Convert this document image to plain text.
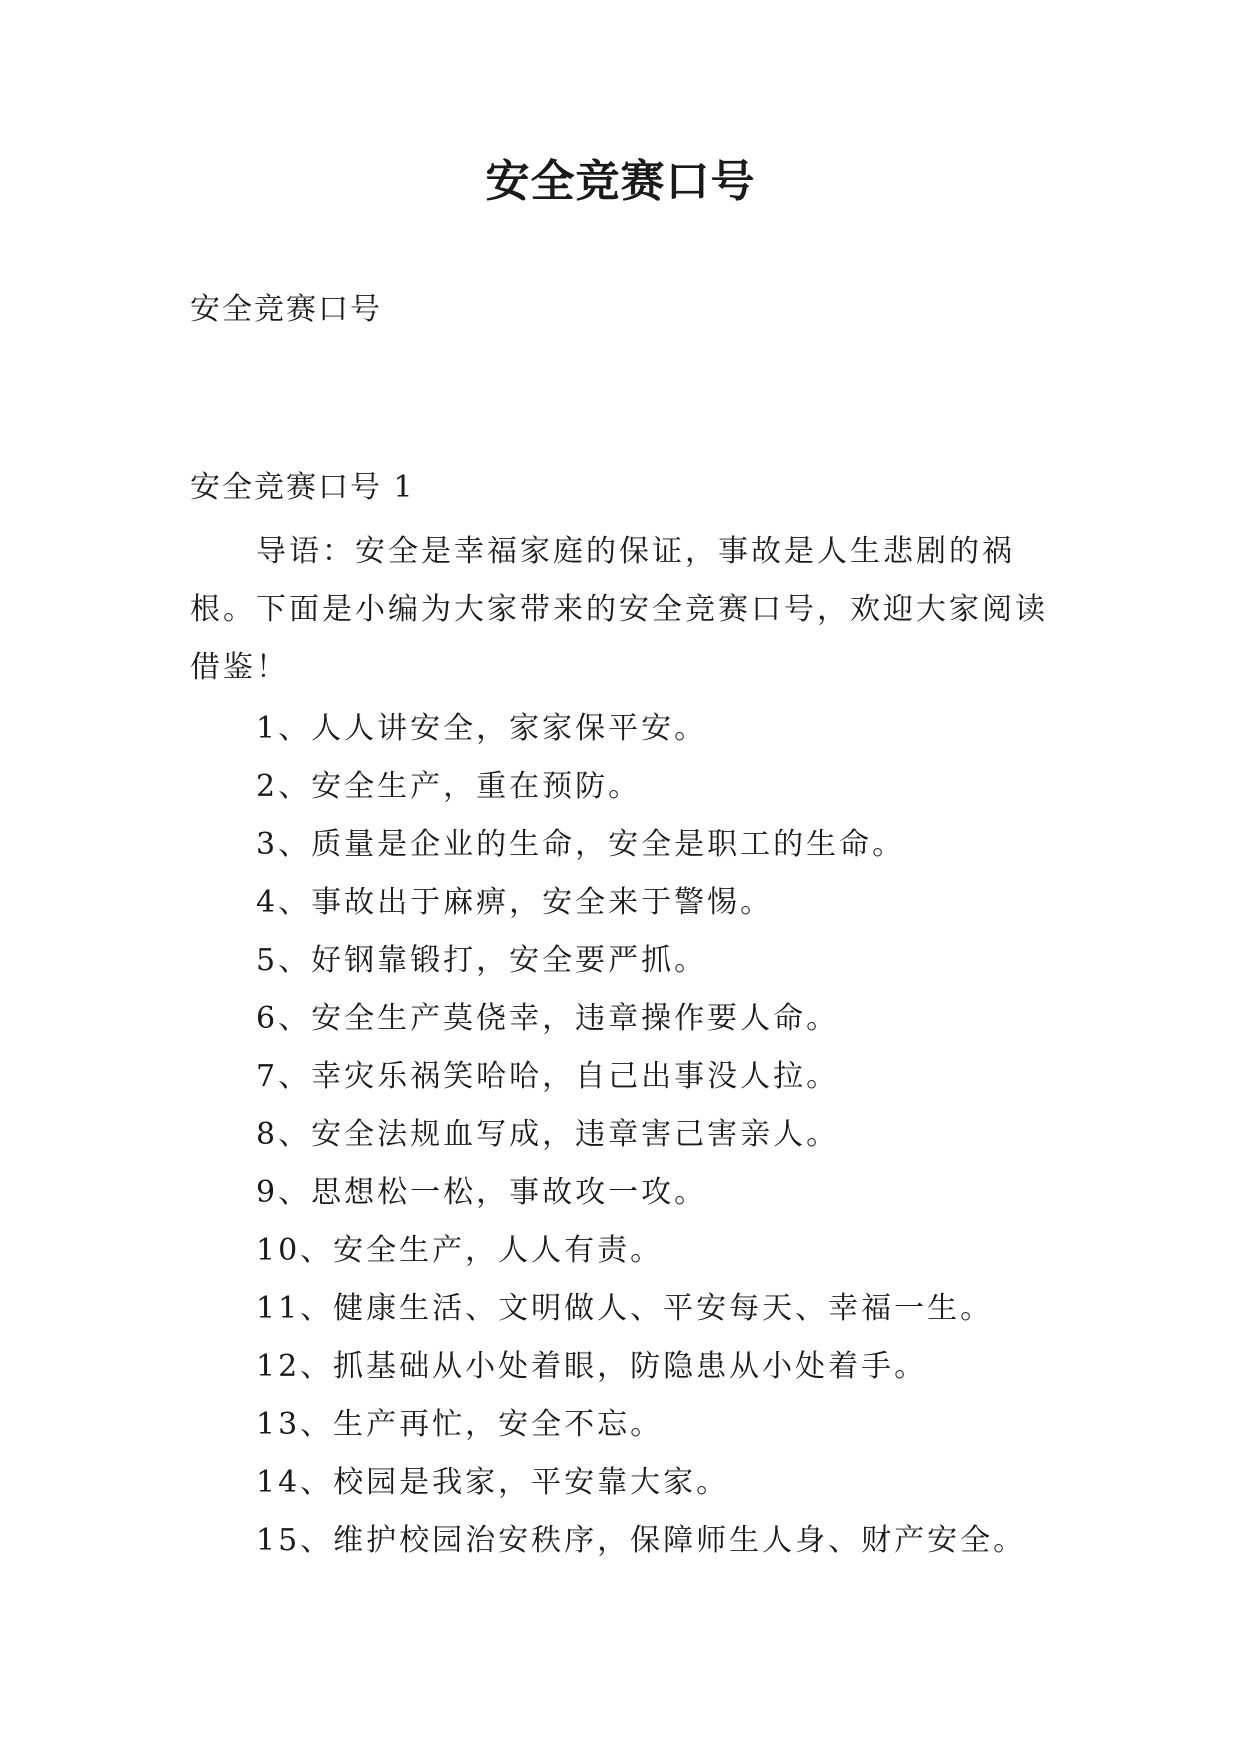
安全竞赛口号

安全竞赛口号

安全竞赛口号 1

导语：安全是幸福家庭的保证，事故是人生悲剧的祸根。下面是小编为大家带来的安全竞赛口号，欢迎大家阅读借鉴！

1、人人讲安全，家家保平安。
2、安全生产，重在预防。
3、质量是企业的生命，安全是职工的生命。
4、事故出于麻痹，安全来于警惕。
5、好钢靠锻打，安全要严抓。
6、安全生产莫侥幸，违章操作要人命。
7、幸灾乐祸笑哈哈，自己出事没人拉。
8、安全法规血写成，违章害己害亲人。
9、思想松一松，事故攻一攻。
10、安全生产，人人有责。
11、健康生活、文明做人、平安每天、幸福一生。
12、抓基础从小处着眼，防隐患从小处着手。
13、生产再忙，安全不忘。
14、校园是我家，平安靠大家。
15、维护校园治安秩序，保障师生人身、财产安全。
